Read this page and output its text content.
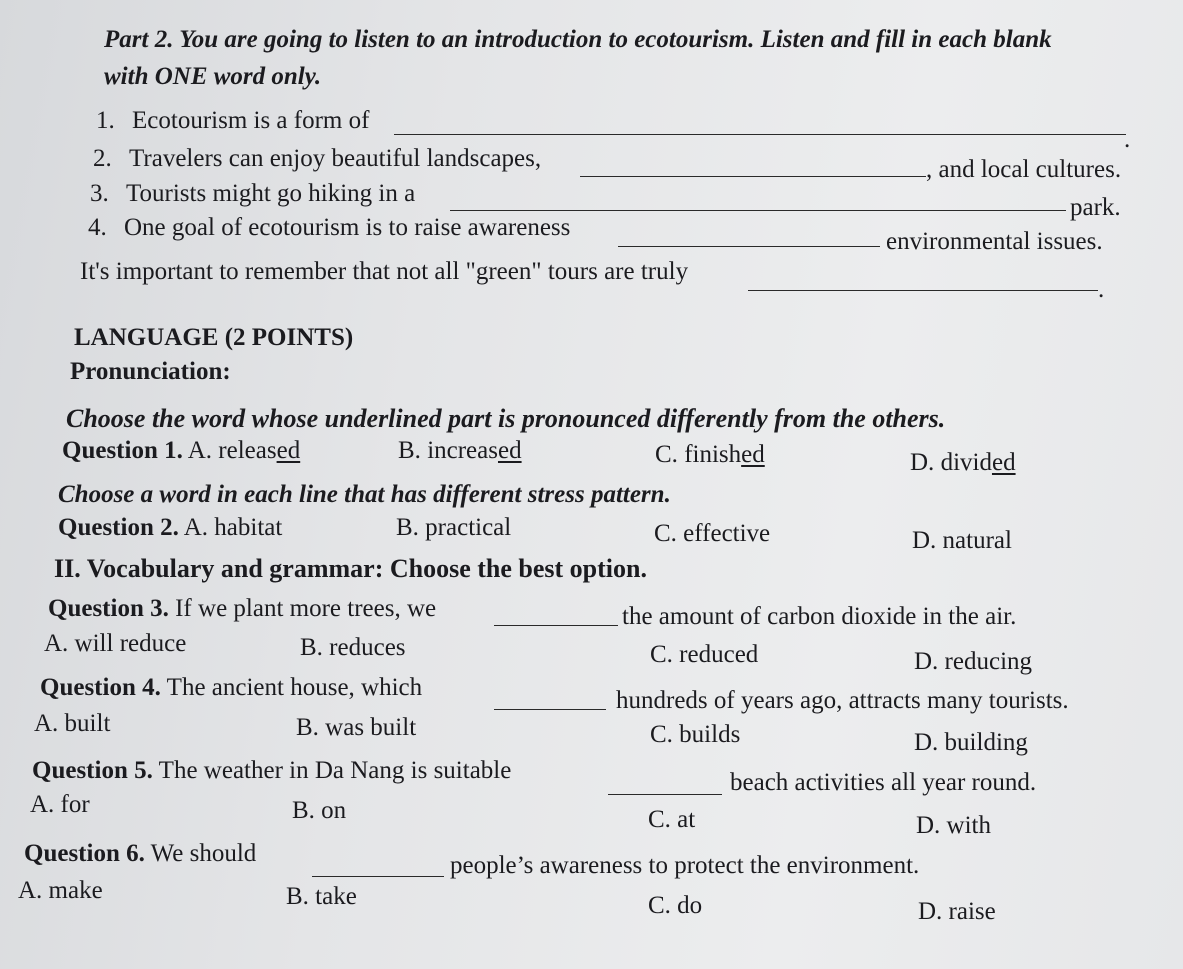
Part 2. You are going to listen to an introduction to ecotourism. Listen and fill in each blank
with ONE word only.
1. Ecotourism is a form of
.
2. Travelers can enjoy beautiful landscapes,	, and local cultures.
3. Tourists might go hiking in a
park.
4. One goal of ecotourism is to raise awareness
environmental issues.
It's important to remember that not all "green" tours are truly
.
LANGUAGE (2 POINTS)
Pronunciation:
Choose the word whose underlined part is pronounced differently from the others.
Question 1. A. released	B. increased	C. finished	D. divided
Choose a word in each line that has different stress pattern.
Question 2. A. habitat	B. practical	C. effective	D. natural
II. Vocabulary and grammar: Choose the best option.
Question 3. If we plant more trees, we	the amount of carbon dioxide in the air.
A. will reduce	B. reduces	C. reduced	D. reducing
Question 4. The ancient house, which	hundreds of years ago, attracts many tourists.
A. built	B. was built	C. builds	D. building
Question 5. The weather in Da Nang is suitable	beach activities all year round.
A. for	B. on	C. at	D. with
Question 6. We should	people’s awareness to protect the environment.
A. make	B. take	C. do	D. raise
